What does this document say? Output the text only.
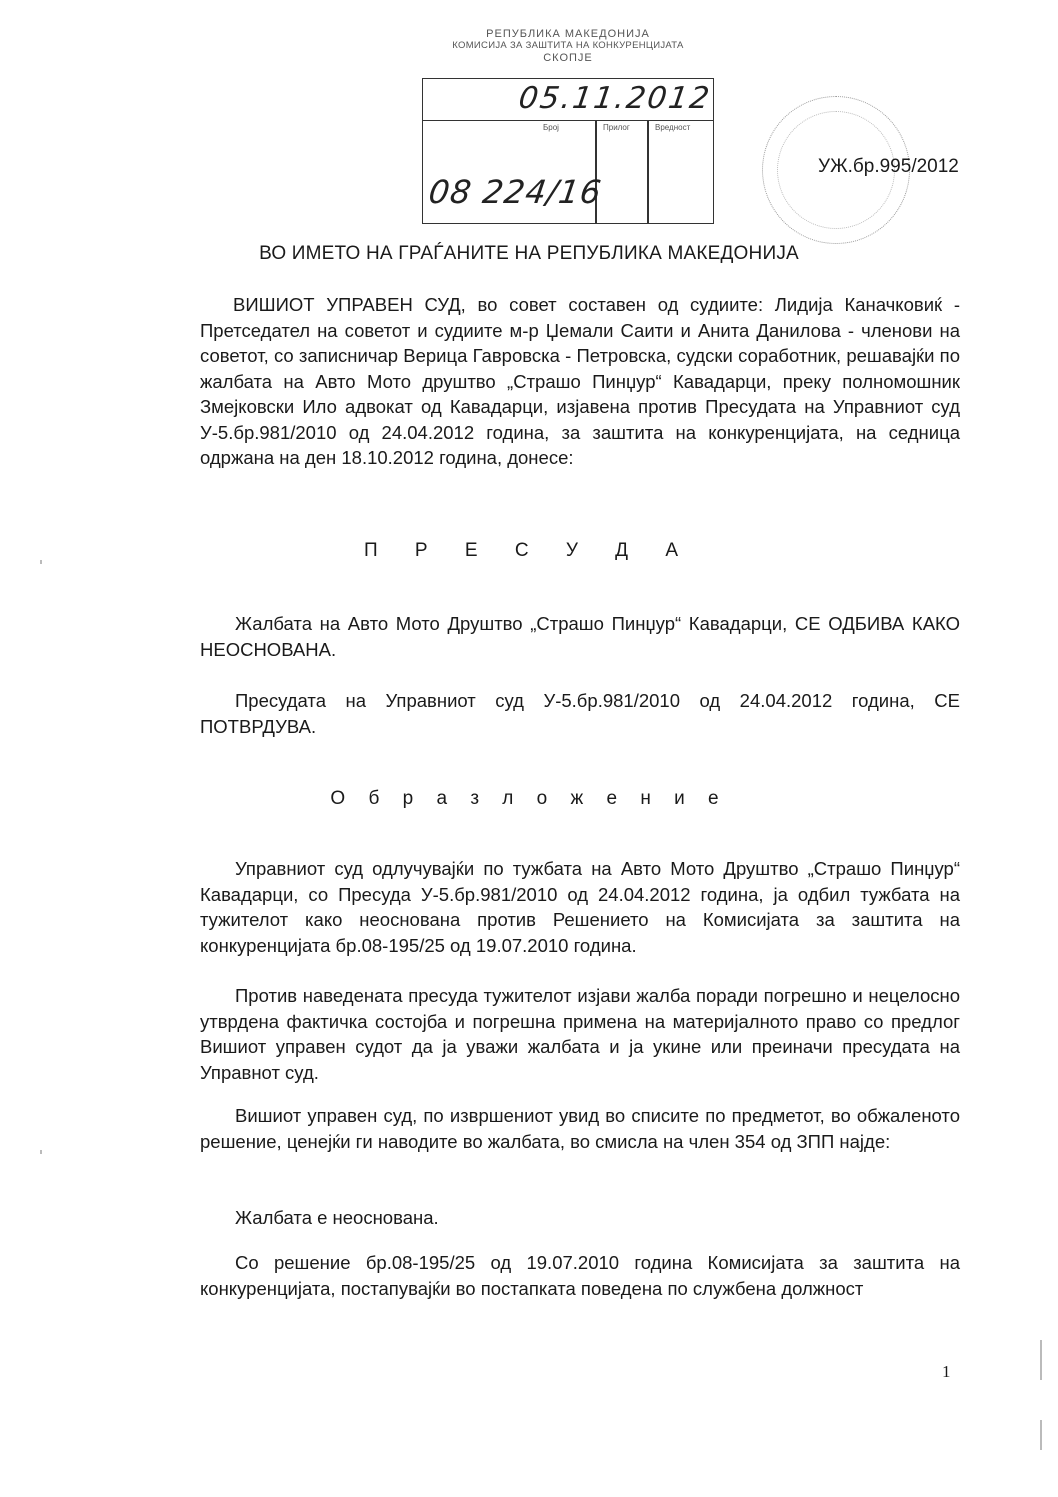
РЕПУБЛИКА МАКЕДОНИЈА
КОМИСИЈА ЗА ЗАШТИТА НА КОНКУРЕНЦИЈАТА
СКОПЈЕ
05.11.2012
Број	Прилог	Вредност
08 224/16
УЖ.бр.995/2012
ВО ИМЕТО НА ГРАЃАНИТЕ НА РЕПУБЛИКА МАКЕДОНИЈА
ВИШИОТ УПРАВЕН СУД, во совет составен од судиите: Лидија Каначковиќ - Претседател на советот и судиите м-р Џемали Саити и Анита Данилова - членови на советот, со записничар Верица Гавровска - Петровска, судски соработник, решавајќи по жалбата на Авто Мото друштво „Страшо Пинџур“ Кавадарци, преку полномошник Змејковски Ило адвокат од Кавадарци, изјавена против Пресудата на Управниот суд У-5.бр.981/2010 од 24.04.2012 година, за заштита на конкуренцијата, на седница одржана на ден 18.10.2012 година, донесе:
П Р Е С У Д А
Жалбата на Авто Мото Друштво „Страшо Пинџур“ Кавадарци, СЕ ОДБИВА КАКО НЕОСНОВАНА.
Пресудата на Управниот суд У-5.бр.981/2010 од 24.04.2012 година, СЕ ПОТВРДУВА.
О б р а з л о ж е н и е
Управниот суд одлучувајќи по тужбата на Авто Мото Друштво „Страшо Пинџур“ Кавадарци, со Пресуда У-5.бр.981/2010 од 24.04.2012 година, ја одбил тужбата на тужителот како неоснована против Решението на Комисијата за заштита на конкуренцијата бр.08-195/25 од 19.07.2010 година.
Против наведената пресуда тужителот изјави жалба поради погрешно и нецелосно утврдена фактичка состојба и погрешна примена на материјалното право со предлог Вишиот управен судот да ја уважи жалбата и ја укине или преиначи пресудата на Управнот суд.
Вишиот управен суд, по извршениот увид во списите по предметот, во обжаленото решение, ценејќи ги наводите во жалбата, во смисла на член 354 од ЗПП најде:
Жалбата е неоснована.
Со решение бр.08-195/25 од 19.07.2010 година Комисијата за заштита на конкуренцијата, постапувајќи во постапката поведена по службена должност
1
